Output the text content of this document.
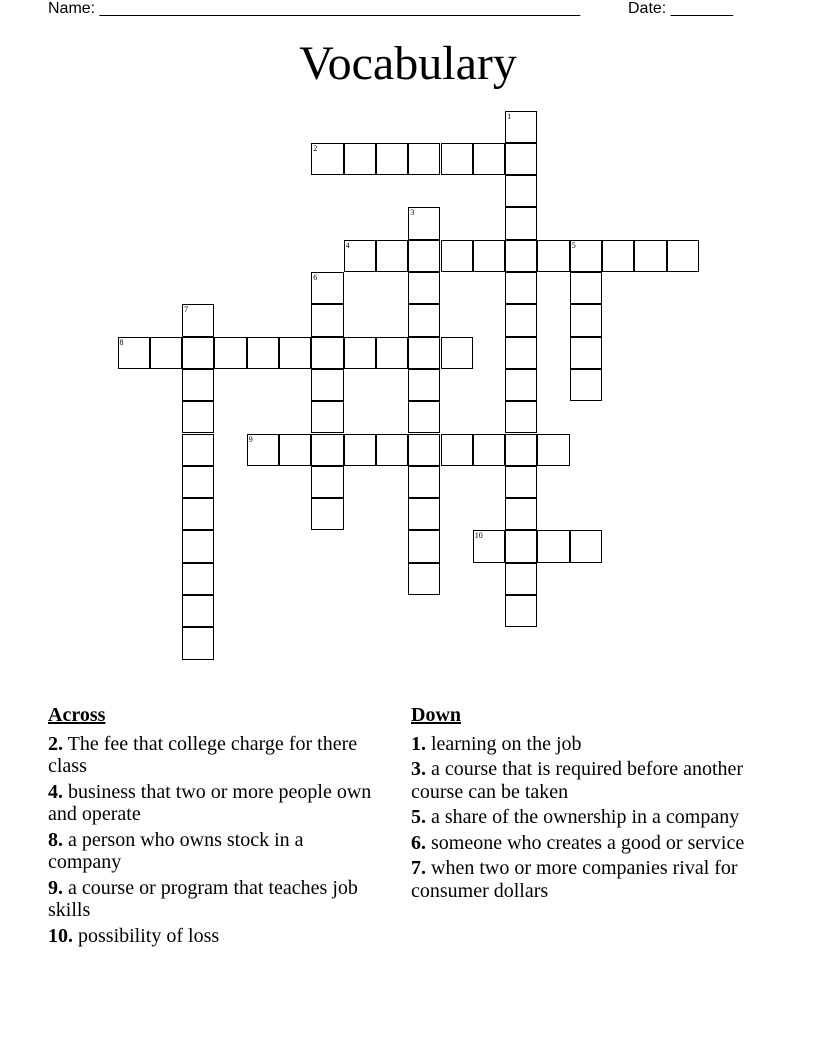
Name: ______________________________________________________	Date: _______
Vocabulary
1
2
3
4	5
6
7
8
9
10
Across
2. The fee that college charge for there class
4. business that two or more people own and operate
8. a person who owns stock in a company
9. a course or program that teaches job skills
10. possibility of loss
Down
1. learning on the job
3. a course that is required before another course can be taken
5. a share of the ownership in a company
6. someone who creates a good or service
7. when two or more companies rival for consumer dollars
